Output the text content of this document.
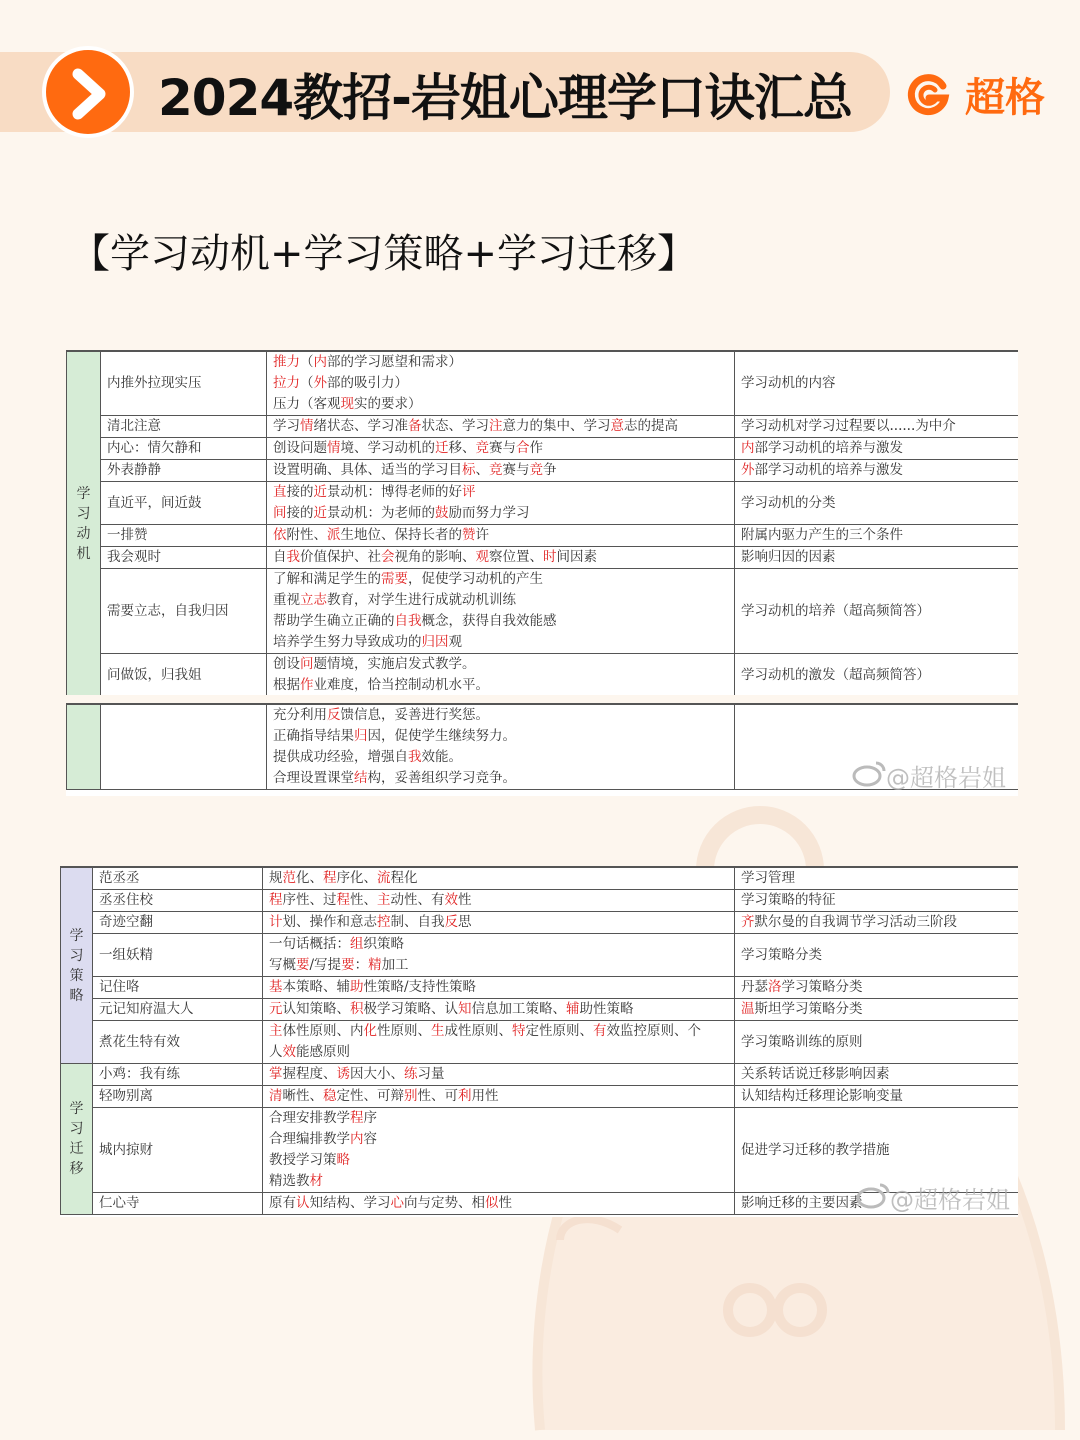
2024教招-岩姐心理学口诀汇总	超格
【学习动机+学习策略+学习迁移】
学
习
动
机	内推外拉现实压	推力（内部的学习愿望和需求）
拉力（外部的吸引力）
压力（客观现实的要求）	学习动机的内容

	清北注意	学习情绪状态、学习准备状态、学习注意力的集中、学习意志的提高	学习动机对学习过程要以......为中介

	内心：情欠静和	创设问题情境、学习动机的迁移、竞赛与合作	内部学习动机的培养与激发

	外表静静	设置明确、具体、适当的学习目标、竞赛与竞争	外部学习动机的培养与激发

	直近平，间近鼓	直接的近景动机：博得老师的好评
间接的近景动机：为老师的鼓励而努力学习	学习动机的分类

	一排赞	依附性、派生地位、保持长者的赞许	附属内驱力产生的三个条件

	我会观时	自我价值保护、社会视角的影响、观察位置、时间因素	影响归因的因素

	需要立志，自我归因	了解和满足学生的需要，促使学习动机的产生
重视立志教育，对学生进行成就动机训练
帮助学生确立正确的自我概念，获得自我效能感
培养学生努力导致成功的归因观	学习动机的培养（超高频简答）

	问做饭，归我姐	创设问题情境，实施启发式教学。
根据作业难度，恰当控制动机水平。	学习动机的激发（超高频简答）

充分利用反馈信息，妥善进行奖惩。
正确指导结果归因，促使学生继续努力。
提供成功经验，增强自我效能。
合理设置课堂结构，妥善组织学习竞争。
		@超格岩姐
学
习
策
略	范丞丞	规范化、程序化、流程化	学习管理

	丞丞住校	程序性、过程性、主动性、有效性	学习策略的特征

	奇迹空翻	计划、操作和意志控制、自我反思	齐默尔曼的自我调节学习活动三阶段

	一组妖精	一句话概括：组织策略
写概要/写提要：精加工	学习策略分类

	记住咯	基本策略、辅助性策略/支持性策略	丹瑟洛学习策略分类

	元记知府温大人	元认知策略、积极学习策略、认知信息加工策略、辅助性策略	温斯坦学习策略分类

	煮花生特有效	主体性原则、内化性原则、生成性原则、特定性原则、有效监控原则、个
人效能感原则	学习策略训练的原则

学
习
迁
移	小鸡：我有练	掌握程度、诱因大小、练习量	关系转话说迁移影响因素

	轻吻别离	清晰性、稳定性、可辩别性、可利用性	认知结构迁移理论影响变量

	城内掠财	合理安排教学程序
合理编排教学内容
教授学习策略
精选教材	促进学习迁移的教学措施

	仁心寺	原有认知结构、学习心向与定势、相似性	影响迁移的主要因素	@超格岩姐
